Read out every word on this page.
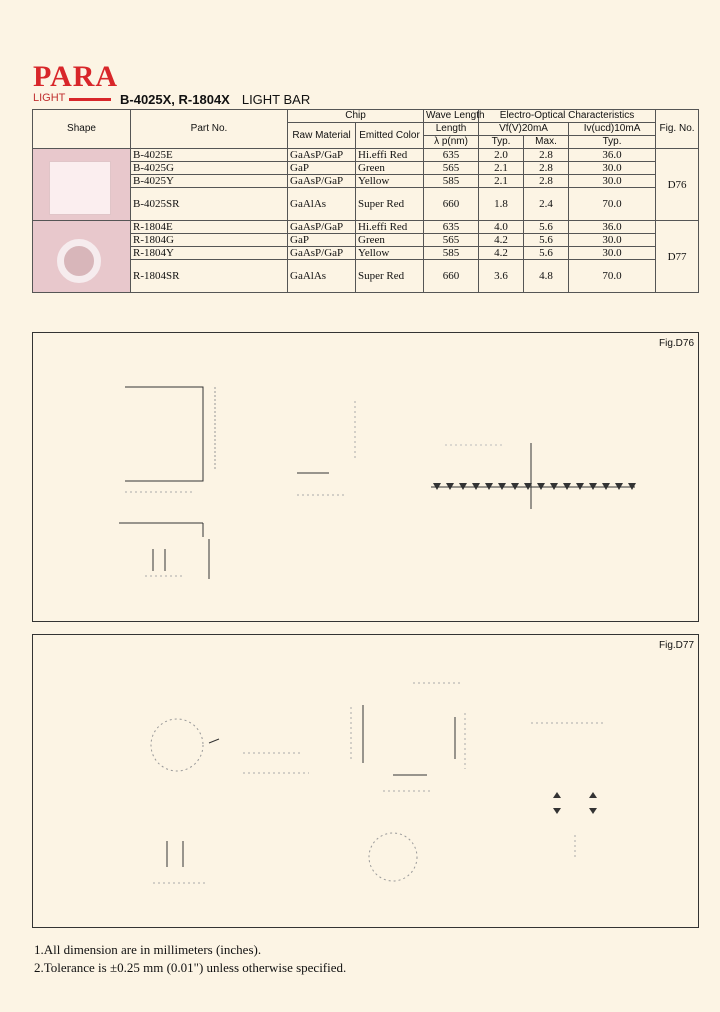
PARA
LIGHT	B-4025X, R-1804X LIGHT BAR
Shape	Part No.	Chip		Wave Length	Electro-Optical Characteristics			Fig. No.
		Raw Material	Emitted Color	Length	Vf(V)20mA		Iv(ucd)10mA	
				λ p(nm)	Typ.	Max.	Typ.	

	B-4025E	GaAsP/GaP	Hi.effi Red	635	2.0	2.8	36.0	D76
	B-4025G	GaP	Green	565	2.1	2.8	30.0	
	B-4025Y	GaAsP/GaP	Yellow	585	2.1	2.8	30.0	
	B-4025SR	GaAlAs	Super Red	660	1.8	2.4	70.0	

	R-1804E	GaAsP/GaP	Hi.effi Red	635	4.0	5.6	36.0	D77
	R-1804G	GaP	Green	565	4.2	5.6	30.0	
	R-1804Y	GaAsP/GaP	Yellow	585	4.2	5.6	30.0	
	R-1804SR	GaAlAs	Super Red	660	3.6	4.8	70.0	
Fig.D76
Fig.D77
1.All dimension are in millimeters (inches).
2.Tolerance is ±0.25 mm (0.01") unless otherwise specified.
